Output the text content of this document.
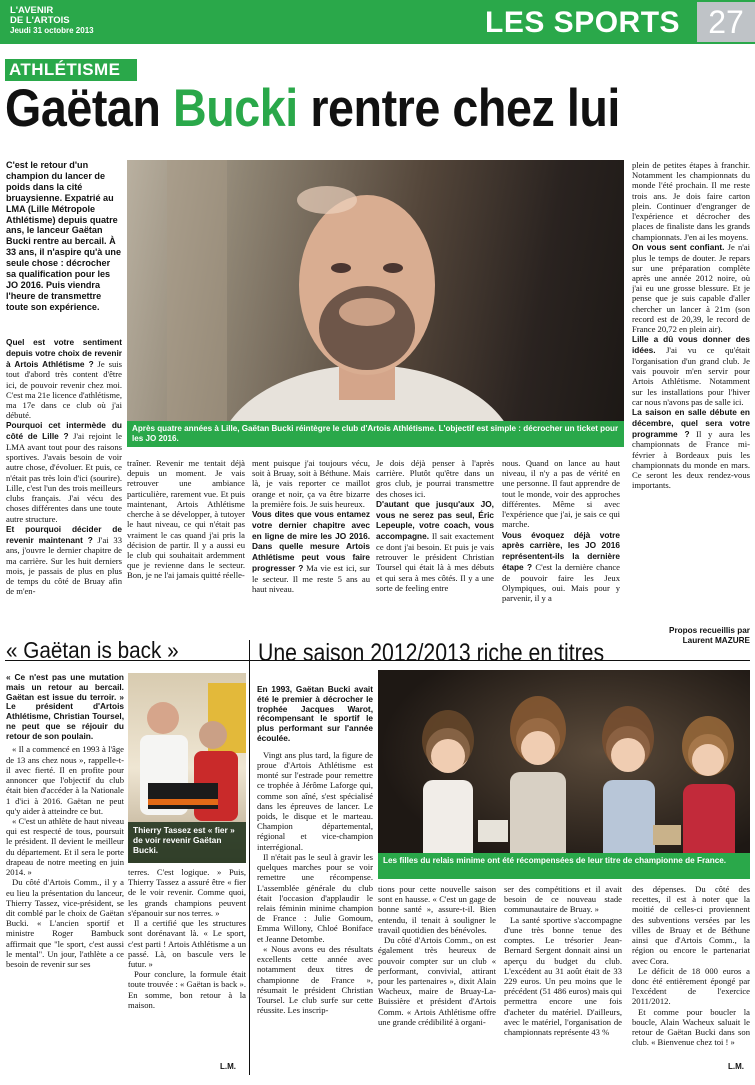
L'AVENIR
DE L'ARTOIS
Jeudi 31 octobre 2013	LES SPORTS 27
ATHLÉTISME
Gaëtan Bucki rentre chez lui
C'est le retour d'un champion du lancer de poids dans la cité bruaysienne. Expatrié au LMA (Lille Métropole Athlétisme) depuis quatre ans, le lanceur Gaëtan Bucki rentre au bercail. À 33 ans, il n'aspire qu'à une seule chose : décrocher sa qualification pour les JO 2016. Puis viendra l'heure de transmettre toute son expérience.
Après quatre années à Lille, Gaëtan Bucki réintègre le club d'Artois Athlétisme. L'objectif est simple : décrocher un ticket pour les JO 2016.

Quel est votre sentiment depuis votre choix de revenir à Artois Athlétisme ? Je suis tout d'abord très content d'être ici, de pouvoir revenir chez moi. C'est ma 21e licence d'athlétisme, ma 17e dans ce club où j'ai débuté.

Pourquoi cet intermède du côté de Lille ? J'ai rejoint le LMA avant tout pour des raisons sportives. J'avais besoin de voir autre chose, d'évoluer. Et puis, ce n'était pas très loin d'ici (sourire). Lille, c'est l'un des trois meilleurs clubs français. J'ai vécu des choses différentes dans une toute autre structure.

Et pourquoi décider de revenir maintenant ? J'ai 33 ans, j'ouvre le dernier chapitre de ma carrière. Sur les huit derniers mois, je passais de plus en plus de temps du côté de Bruay afin de m'en-

traîner. Revenir me tentait déjà depuis un moment. Je vais retrouver une ambiance particulière, rarement vue. Et puis maintenant, Artois Athlétisme cherche à se développer, à tutoyer le haut niveau, ce qui n'était pas vraiment le cas quand j'ai pris la décision de partir. Il y a aussi eu le club qui souhaitait ardemment que je revienne dans le secteur. Bon, je ne l'ai jamais quitté réelle-

ment puisque j'ai toujours vécu, soit à Bruay, soit à Béthune. Mais là, je vais reporter ce maillot orange et noir, ça va être bizarre la première fois. Je suis heureux.

Vous dites que vous entamez votre dernier chapitre avec en ligne de mire les JO 2016. Dans quelle mesure Artois Athlétisme peut vous faire progresser ? Ma vie est ici, sur le secteur. Il me reste 5 ans au haut niveau.

Je dois déjà penser à l'après carrière. Plutôt qu'être dans un gros club, je pourrai transmettre des choses ici.

D'autant que jusqu'aux JO, vous ne serez pas seul, Éric Lepeuple, votre coach, vous accompagne. Il sait exactement ce dont j'ai besoin. Et puis je vais retrouver le président Christian Toursel qui était là à mes débuts et qui sera à mes côtés. Il y a une sorte de feeling entre

nous. Quand on lance au haut niveau, il n'y a pas de vérité en une personne. Il faut apprendre de tout le monde, voir des approches différentes. Même si avec l'expérience que j'ai, je sais ce qui marche.

Vous évoquez déjà votre après carrière, les JO 2016 représentent-ils la dernière étape ? C'est la dernière chance de pouvoir faire les Jeux Olympiques, oui. Mais pour y parvenir, il y a

plein de petites étapes à franchir. Notamment les championnats du monde l'été prochain. Il me reste trois ans. Je dois faire carton plein. Continuer d'engranger de l'expérience et décrocher des places de finaliste dans les grands championnats. J'en ai les moyens.

On vous sent confiant. Je n'ai plus le temps de douter. Je repars sur une préparation complète après une année 2012 noire, où j'ai eu une grosse blessure. Et je pense que je suis capable d'aller chercher un lancer à 21m (son record est de 20,39, le record de France 20,72 en plein air).

Lille a dû vous donner des idées. J'ai vu ce qu'était l'organisation d'un grand club. Je vais pouvoir m'en servir pour Artois Athlétisme. Notamment sur les installations pour l'hiver car nous n'avons pas de salle ici.

La saison en salle débute en décembre, quel sera votre programme ? Il y aura les championnats de France mi-février à Bordeaux puis les championnats du monde en mars. Ce seront les deux rendez-vous importants.

Propos recueillis par
Laurent MAZURE
« Gaëtan is back »

« Ce n'est pas une mutation mais un retour au bercail. Gaëtan est issue du terroir. » Le président d'Artois Athlétisme, Christian Toursel, ne peut que se réjouir du retour de son poulain.

« Il a commencé en 1993 à l'âge de 13 ans chez nous », rappelle-t-il avec fierté. Il en profite pour annoncer que l'objectif du club était bien d'accéder à la Nationale 1 d'ici à 2016. Gaëtan ne peut qu'y aider à atteindre ce but.

« C'est un athlète de haut niveau qui est respecté de tous, poursuit le président. Il devient le meilleur du département. Et il sera le porte drapeau de notre meeting en juin 2014. »

Du côté d'Artois Comm., il y a eu lieu la présentation du lanceur, Thierry Tassez, vice-président, se dit comblé par le choix de Gaëtan Bucki. « L'ancien sportif et ministre Roger Bambuck affirmait que "le sport, c'est aussi le mental". Un jour, l'athlète a ce besoin de revenir sur ses

Thierry Tassez est « fier » de voir revenir Gaëtan Bucki.

terres. C'est logique. » Puis, Thierry Tassez a assuré être « fier de le voir revenir. Comme quoi, les grands champions peuvent s'épanouir sur nos terres. »

Il a certifié que les structures sont dorénavant là. « Le sport, c'est parti ! Artois Athlétisme a un passé. Là, on bascule vers le futur. »

Pour conclure, la formule était toute trouvée : « Gaëtan is back ». En somme, bon retour à la maison.

L.M.
Une saison 2012/2013 riche en titres

En 1993, Gaëtan Bucki avait été le premier à décrocher le trophée Jacques Warot, récompensant le sportif le plus performant sur l'année écoulée.

Vingt ans plus tard, la figure de proue d'Artois Athlétisme est monté sur l'estrade pour remettre ce trophée à Jérôme Laforge qui, comme son aîné, s'est spécialisé dans les épreuves de lancer. Le poids, le disque et le marteau. Champion départemental, régional et vice-champion interrégional.

Il n'était pas le seul à gravir les quelques marches pour se voir remettre une récompense. L'assemblée générale du club était l'occasion d'applaudir le relais féminin minime champion de France : Julie Gomoum, Emma Willony, Chloé Boniface et Jeanne Detombe.

« Nous avons eu des résultats excellents cette année avec notamment deux titres de championne de France », résumait le président Christian Toursel. Le club surfe sur cette réussite. Les inscrip-

Les filles du relais minime ont été récompensées de leur titre de championne de France.

tions pour cette nouvelle saison sont en hausse. « C'est un gage de bonne santé », assure-t-il. Bien entendu, il tenait à souligner le travail quotidien des bénévoles.

Du côté d'Artois Comm., on est également très heureux de pouvoir compter sur un club « performant, convivial, attirant pour les partenaires », dixit Alain Wacheux, maire de Bruay-La-Buissière et président d'Artois Comm. « Artois Athlétisme offre une grande crédibilité à organi-

ser des compétitions et il avait besoin de ce nouveau stade communautaire de Bruay. »

La santé sportive s'accompagne d'une très bonne tenue des comptes. Le trésorier Jean-Bernard Sergent donnait ainsi un aperçu du budget du club. L'excédent au 31 août était de 33 229 euros. Un peu moins que le précédent (51 486 euros) mais qui permettra encore une fois d'acheter du matériel. D'ailleurs, avec le matériel, l'organisation de championnats représente 43 %

des dépenses. Du côté des recettes, il est à noter que la moitié de celles-ci proviennent des subventions versées par les villes de Bruay et de Béthune ainsi que d'Artois Comm., la région ou encore le partenariat avec Cora.

Le déficit de 18 000 euros a donc été entièrement épongé par l'excédent de l'exercice 2011/2012.

Et comme pour boucler la boucle, Alain Wacheux saluait le retour de Gaëtan Bucki dans son club. « Bienvenue chez toi ! »

L.M.
